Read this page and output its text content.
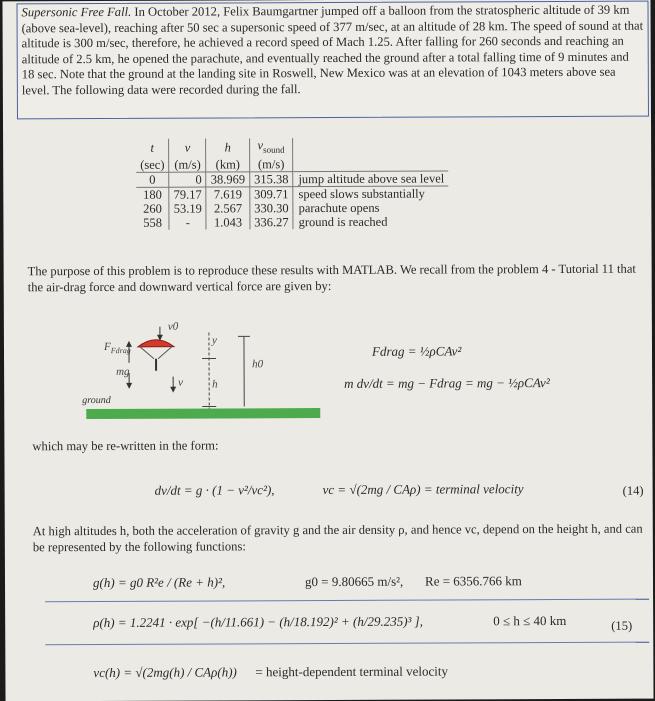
Supersonic Free Fall. In October 2012, Felix Baumgartner jumped off a balloon from the stratospheric altitude of 39 km (above sea-level), reaching after 50 sec a supersonic speed of 377 m/sec, at an altitude of 28 km. The speed of sound at that altitude is 300 m/sec, therefore, he achieved a record speed of Mach 1.25. After falling for 260 seconds and reaching an altitude of 2.5 km, he opened the parachute, and eventually reached the ground after a total falling time of 9 minutes and 18 sec. Note that the ground at the landing site in Roswell, New Mexico was at an elevation of 1043 meters above sea level. The following data were recorded during the fall.
t	v	h	$v_{sound}$	
(sec)	(m/s)	(km)	(m/s)	
0	0	38.969	315.38	jump altitude above sea level
180	79.17	7.619	309.71	speed slows substantially
260	53.19	2.567	330.30	parachute opens
558	-	1.043	336.27	ground is reached
The purpose of this problem is to reproduce these results with MATLAB. We recall from the problem 4 - Tutorial 11 that the air-drag force and downward vertical force are given by:
$F_{Fdrag}$
mg
v0
y
v	h
h0
ground
Fdrag = ½ρCAv²
m dv/dt = mg − Fdrag = mg − ½ρCAv²
which may be re-written in the form:
dv/dt = g · (1 − v²/vc²),	vc = √(2mg / CAρ) = terminal velocity	(14)
At high altitudes h, both the acceleration of gravity g and the air density ρ, and hence vc, depend on the height h, and can be represented by the following functions:
g(h) = g0 R²e / (Re + h)²,	g0 = 9.80665 m/s², Re = 6356.766 km
ρ(h) = 1.2241 · exp[ −(h/11.661) − (h/18.192)² + (h/29.235)³ ],	0 ≤ h ≤ 40 km	(15)
vc(h) = √(2mg(h) / CAρ(h)) = height-dependent terminal velocity
